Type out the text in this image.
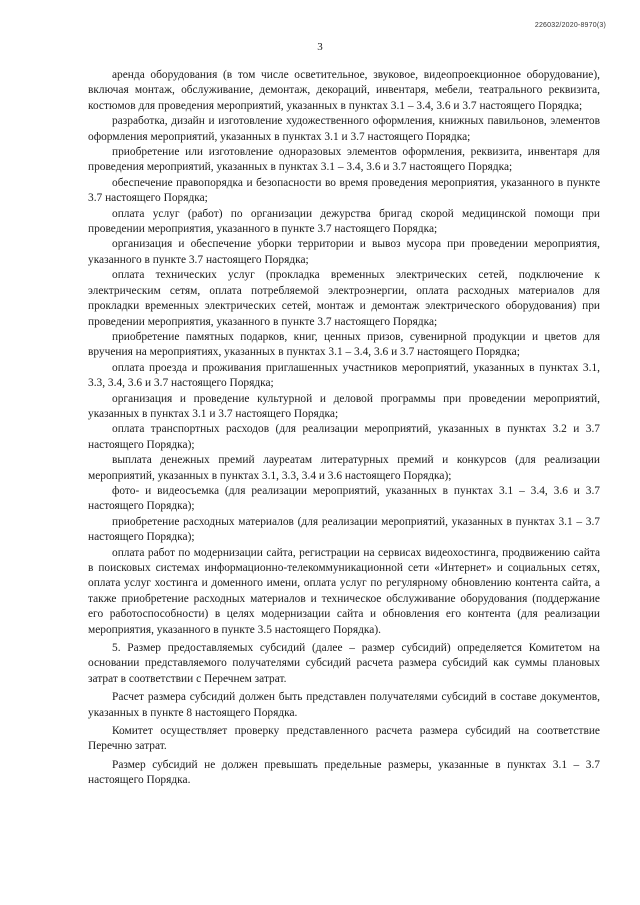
226032/2020-8970(3)
3

аренда оборудования (в том числе осветительное, звуковое, видеопроекционное оборудование), включая монтаж, обслуживание, демонтаж, декораций, инвентаря, мебели, театрального реквизита, костюмов для проведения мероприятий, указанных в пунктах 3.1 – 3.4, 3.6 и 3.7 настоящего Порядка;

разработка, дизайн и изготовление художественного оформления, книжных павильонов, элементов оформления мероприятий, указанных в пунктах 3.1 и 3.7 настоящего Порядка;

приобретение или изготовление одноразовых элементов оформления, реквизита, инвентаря для проведения мероприятий, указанных в пунктах 3.1 – 3.4, 3.6 и 3.7 настоящего Порядка;

обеспечение правопорядка и безопасности во время проведения мероприятия, указанного в пункте 3.7 настоящего Порядка;

оплата услуг (работ) по организации дежурства бригад скорой медицинской помощи при проведении мероприятия, указанного в пункте 3.7 настоящего Порядка;

организация и обеспечение уборки территории и вывоз мусора при проведении мероприятия, указанного в пункте 3.7 настоящего Порядка;

оплата технических услуг (прокладка временных электрических сетей, подключение к электрическим сетям, оплата потребляемой электроэнергии, оплата расходных материалов для прокладки временных электрических сетей, монтаж и демонтаж электрического оборудования) при проведении мероприятия, указанного в пункте 3.7 настоящего Порядка;

приобретение памятных подарков, книг, ценных призов, сувенирной продукции и цветов для вручения на мероприятиях, указанных в пунктах 3.1 – 3.4, 3.6 и 3.7 настоящего Порядка;

оплата проезда и проживания приглашенных участников мероприятий, указанных в пунктах 3.1, 3.3, 3.4, 3.6 и 3.7 настоящего Порядка;

организация и проведение культурной и деловой программы при проведении мероприятий, указанных в пунктах 3.1 и 3.7 настоящего Порядка;

оплата транспортных расходов (для реализации мероприятий, указанных в пунктах 3.2 и 3.7 настоящего Порядка);

выплата денежных премий лауреатам литературных премий и конкурсов (для реализации мероприятий, указанных в пунктах 3.1, 3.3, 3.4 и 3.6 настоящего Порядка);

фото- и видеосъемка (для реализации мероприятий, указанных в пунктах 3.1 – 3.4, 3.6 и 3.7 настоящего Порядка);

приобретение расходных материалов (для реализации мероприятий, указанных в пунктах 3.1 – 3.7 настоящего Порядка);

оплата работ по модернизации сайта, регистрации на сервисах видеохостинга, продвижению сайта в поисковых системах информационно-телекоммуникационной сети «Интернет» и социальных сетях, оплата услуг хостинга и доменного имени, оплата услуг по регулярному обновлению контента сайта, а также приобретение расходных материалов и техническое обслуживание оборудования (поддержание его работоспособности) в целях модернизации сайта и обновления его контента (для реализации мероприятия, указанного в пункте 3.5 настоящего Порядка).

5. Размер предоставляемых субсидий (далее – размер субсидий) определяется Комитетом на основании представляемого получателями субсидий расчета размера субсидий как суммы плановых затрат в соответствии с Перечнем затрат.

Расчет размера субсидий должен быть представлен получателями субсидий в составе документов, указанных в пункте 8 настоящего Порядка.

Комитет осуществляет проверку представленного расчета размера субсидий на соответствие Перечню затрат.

Размер субсидий не должен превышать предельные размеры, указанные в пунктах 3.1 – 3.7 настоящего Порядка.
